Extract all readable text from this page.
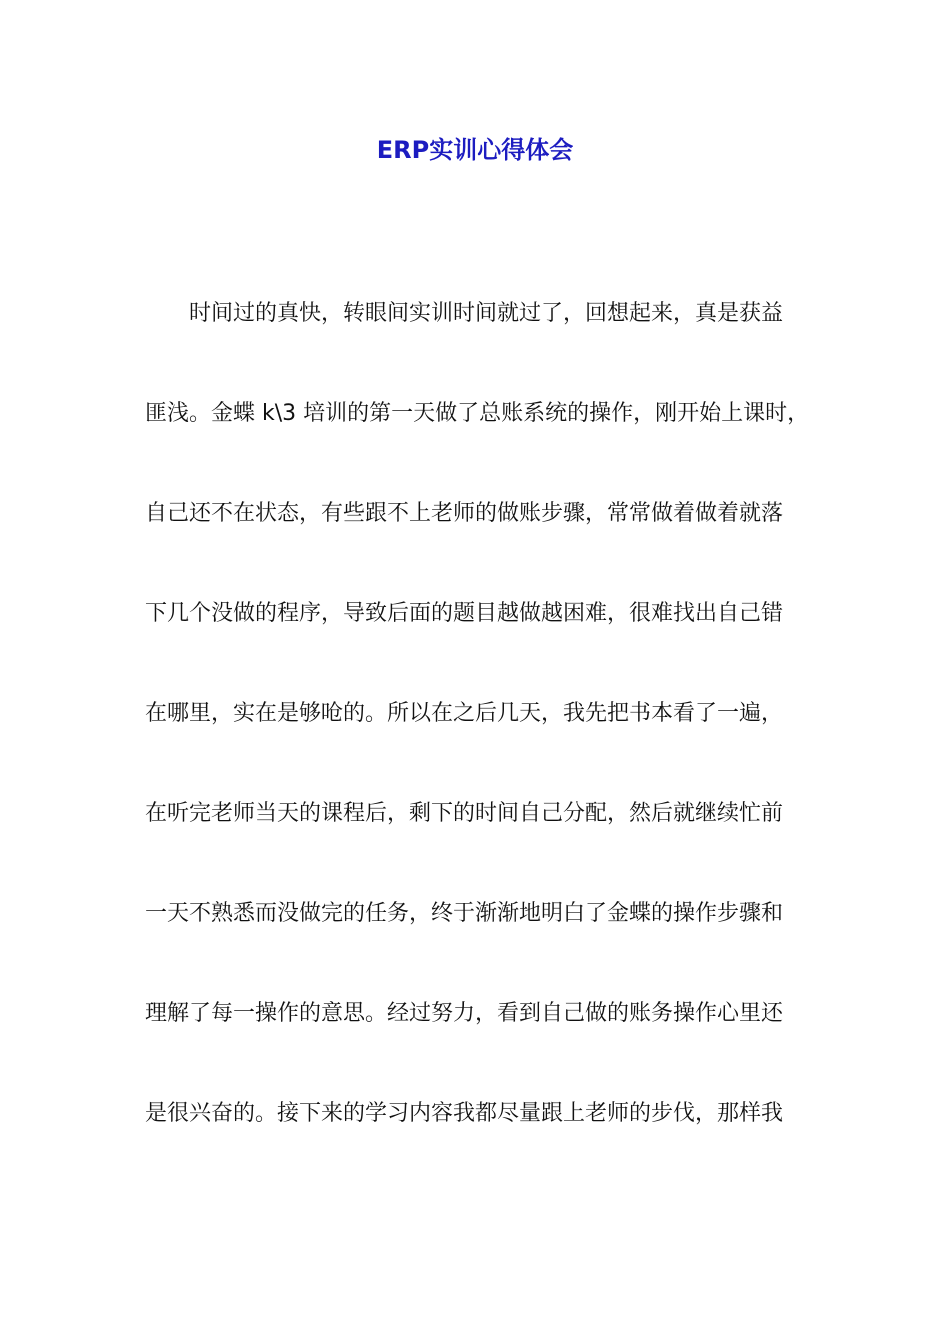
ERP实训心得体会
时间过的真快，转眼间实训时间就过了，回想起来，真是获益
匪浅。金蝶 k\3 培训的第一天做了总账系统的操作，刚开始上课时，
自己还不在状态，有些跟不上老师的做账步骤，常常做着做着就落
下几个没做的程序，导致后面的题目越做越困难，很难找出自己错
在哪里，实在是够呛的。所以在之后几天，我先把书本看了一遍，
在听完老师当天的课程后，剩下的时间自己分配，然后就继续忙前
一天不熟悉而没做完的任务，终于渐渐地明白了金蝶的操作步骤和
理解了每一操作的意思。经过努力，看到自己做的账务操作心里还
是很兴奋的。接下来的学习内容我都尽量跟上老师的步伐，那样我
